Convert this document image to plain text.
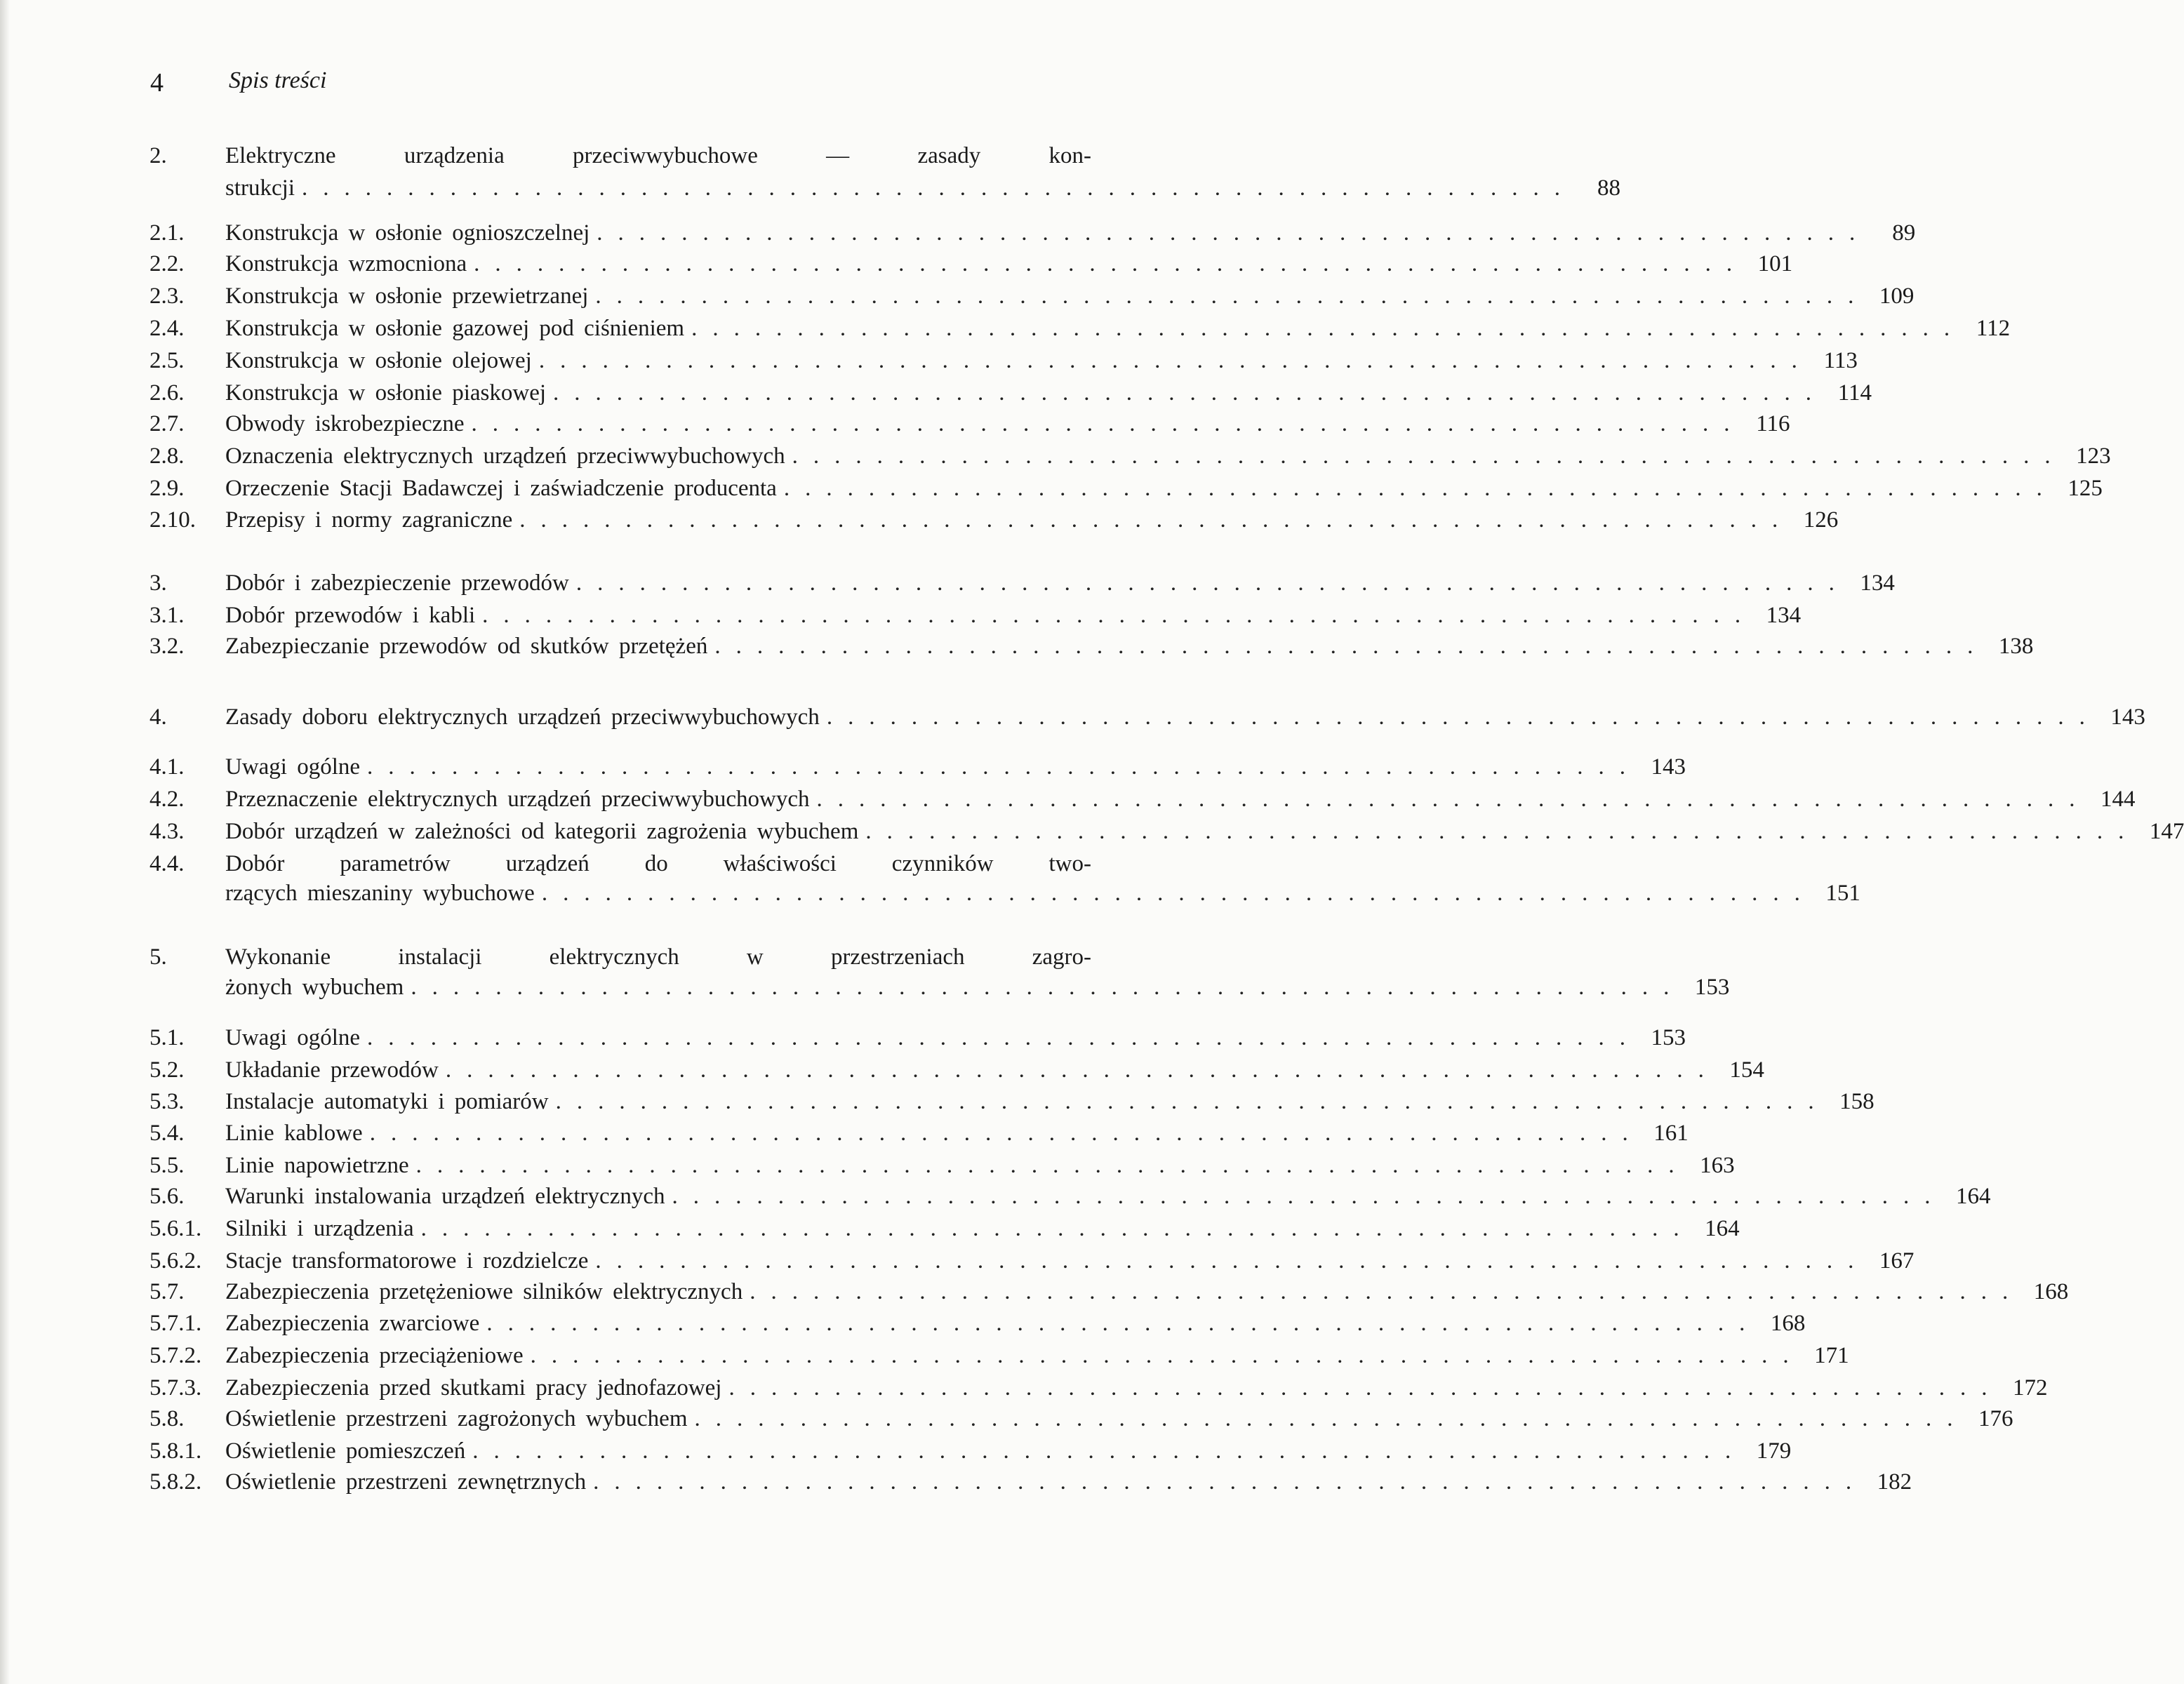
4	Spis treści
2.	Elektryczne urządzenia przeciwwybuchowe — zasady kon-
strukcji ............................................................ 88
2.1.	Konstrukcja w osłonie ognioszczelnej ............................................................ 89
2.2.	Konstrukcja wzmocniona ............................................................ 101
2.3.	Konstrukcja w osłonie przewietrzanej ............................................................ 109
2.4.	Konstrukcja w osłonie gazowej pod ciśnieniem ............................................................ 112
2.5.	Konstrukcja w osłonie olejowej ............................................................ 113
2.6.	Konstrukcja w osłonie piaskowej ............................................................ 114
2.7.	Obwody iskrobezpieczne ............................................................ 116
2.8.	Oznaczenia elektrycznych urządzeń przeciwwybuchowych ............................................................ 123
2.9.	Orzeczenie Stacji Badawczej i zaświadczenie producenta ............................................................ 125
2.10.	Przepisy i normy zagraniczne ............................................................ 126
3.	Dobór i zabezpieczenie przewodów ............................................................ 134
3.1.	Dobór przewodów i kabli ............................................................ 134
3.2.	Zabezpieczanie przewodów od skutków przetężeń ............................................................ 138
4.	Zasady doboru elektrycznych urządzeń przeciwwybuchowych ............................................................ 143
4.1.	Uwagi ogólne ............................................................ 143
4.2.	Przeznaczenie elektrycznych urządzeń przeciwwybuchowych ............................................................ 144
4.3.	Dobór urządzeń w zależności od kategorii zagrożenia wybuchem ............................................................ 147
4.4.	Dobór parametrów urządzeń do właściwości czynników two-
rzących mieszaniny wybuchowe ............................................................ 151
5.	Wykonanie instalacji elektrycznych w przestrzeniach zagro-
żonych wybuchem ............................................................ 153
5.1.	Uwagi ogólne ............................................................ 153
5.2.	Układanie przewodów ............................................................ 154
5.3.	Instalacje automatyki i pomiarów ............................................................ 158
5.4.	Linie kablowe ............................................................ 161
5.5.	Linie napowietrzne ............................................................ 163
5.6.	Warunki instalowania urządzeń elektrycznych ............................................................ 164
5.6.1.	Silniki i urządzenia ............................................................ 164
5.6.2.	Stacje transformatorowe i rozdzielcze ............................................................ 167
5.7.	Zabezpieczenia przetężeniowe silników elektrycznych ............................................................ 168
5.7.1.	Zabezpieczenia zwarciowe ............................................................ 168
5.7.2.	Zabezpieczenia przeciążeniowe ............................................................ 171
5.7.3.	Zabezpieczenia przed skutkami pracy jednofazowej ............................................................ 172
5.8.	Oświetlenie przestrzeni zagrożonych wybuchem ............................................................ 176
5.8.1.	Oświetlenie pomieszczeń ............................................................ 179
5.8.2.	Oświetlenie przestrzeni zewnętrznych ............................................................ 182
